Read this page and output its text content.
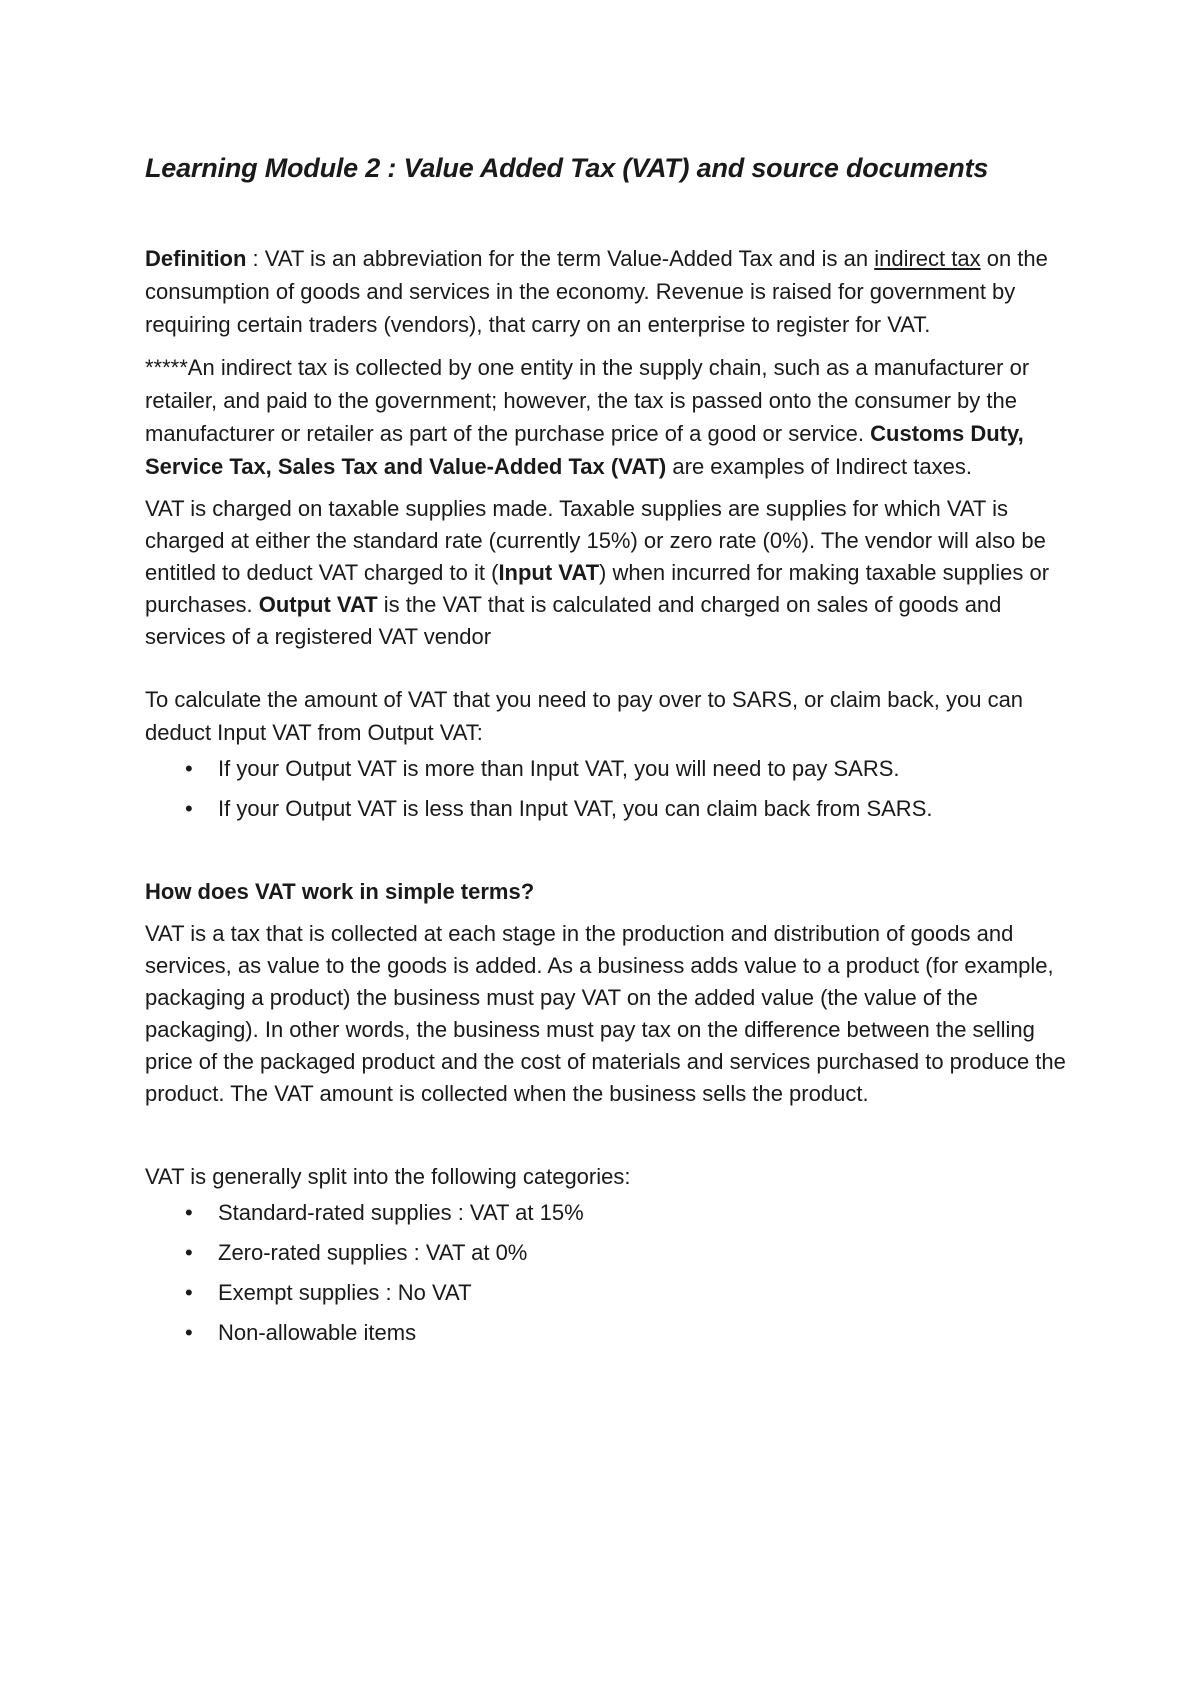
Learning Module 2 : Value Added Tax (VAT) and source documents

Definition : VAT is an abbreviation for the term Value-Added Tax and is an indirect tax on the consumption of goods and services in the economy. Revenue is raised for government by requiring certain traders (vendors), that carry on an enterprise to register for VAT.

*****An indirect tax is collected by one entity in the supply chain, such as a manufacturer or retailer, and paid to the government; however, the tax is passed onto the consumer by the manufacturer or retailer as part of the purchase price of a good or service. Customs Duty, Service Tax, Sales Tax and Value-Added Tax (VAT) are examples of Indirect taxes.

VAT is charged on taxable supplies made. Taxable supplies are supplies for which VAT is charged at either the standard rate (currently 15%) or zero rate (0%). The vendor will also be entitled to deduct VAT charged to it (Input VAT) when incurred for making taxable supplies or purchases. Output VAT is the VAT that is calculated and charged on sales of goods and services of a registered VAT vendor

To calculate the amount of VAT that you need to pay over to SARS, or claim back, you can deduct Input VAT from Output VAT:

• If your Output VAT is more than Input VAT, you will need to pay SARS.
• If your Output VAT is less than Input VAT, you can claim back from SARS.

How does VAT work in simple terms?

VAT is a tax that is collected at each stage in the production and distribution of goods and services, as value to the goods is added. As a business adds value to a product (for example, packaging a product) the business must pay VAT on the added value (the value of the packaging). In other words, the business must pay tax on the difference between the selling price of the packaged product and the cost of materials and services purchased to produce the product. The VAT amount is collected when the business sells the product.

VAT is generally split into the following categories:

• Standard-rated supplies : VAT at 15%
• Zero-rated supplies : VAT at 0%
• Exempt supplies : No VAT
• Non-allowable items
